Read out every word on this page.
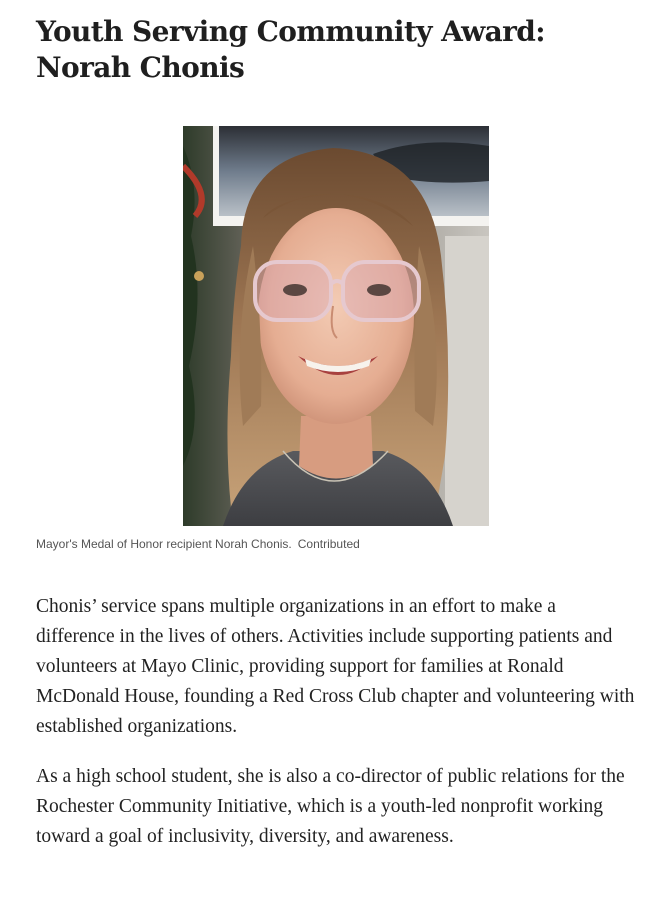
Youth Serving Community Award: Norah Chonis
Mayor's Medal of Honor recipient Norah Chonis. Contributed

Chonis’ service spans multiple organizations in an effort to make a difference in the lives of others. Activities include supporting patients and volunteers at Mayo Clinic, providing support for families at Ronald McDonald House, founding a Red Cross Club chapter and volunteering with established organizations.

As a high school student, she is also a co-director of public relations for the Rochester Community Initiative, which is a youth-led nonprofit working toward a goal of inclusivity, diversity, and awareness.
